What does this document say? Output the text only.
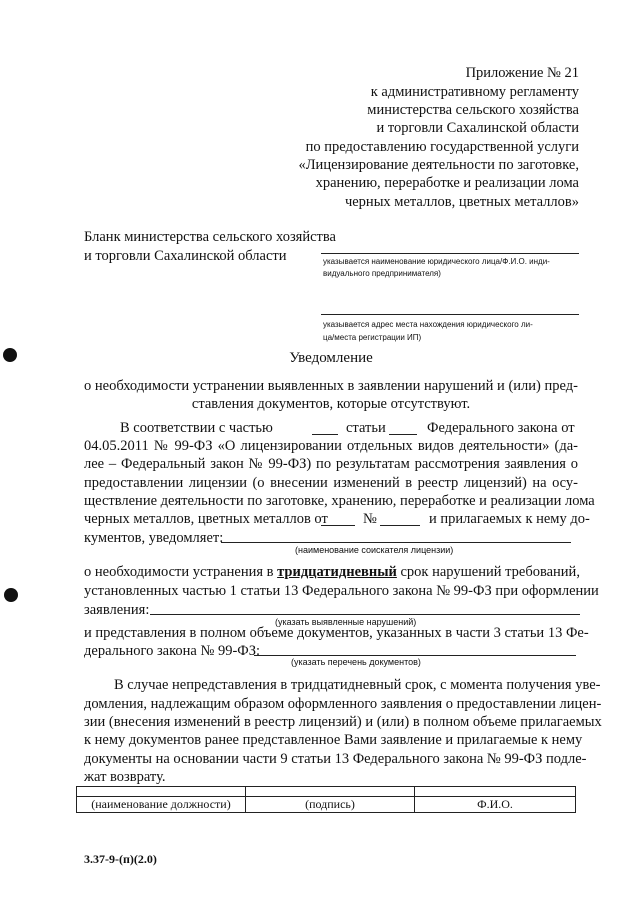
Приложение № 21
к административному регламенту
министерства сельского хозяйства
и торговли Сахалинской области
по предоставлению государственной услуги
«Лицензирование деятельности по заготовке,
хранению, переработке и реализации лома
черных металлов, цветных металлов»
Бланк министерства сельского хозяйства
и торговли Сахалинской области	указывается наименование юридического лица/Ф.И.О. инди-
видуального предпринимателя)
указывается адрес места нахождения юридического ли-
ца/места регистрации ИП)
Уведомление
о необходимости устранении выявленных в заявлении нарушений и (или) пред-
ставления документов, которые отсутствуют.
В соответствии с частью	статьи	Федерального закона от
04.05.2011 № 99-ФЗ «О лицензировании отдельных видов деятельности» (да-
лее – Федеральный закон № 99-ФЗ) по результатам рассмотрения заявления о
предоставлении лицензии (о внесении изменений в реестр лицензий) на осу-
ществление деятельности по заготовке, хранению, переработке и реализации лома
черных металлов, цветных металлов от №	и прилагаемых к нему до-
кументов, уведомляет:
(наименование соискателя лицензии)
о необходимости устранения в тридцатидневный срок нарушений требований,
установленных частью 1 статьи 13 Федерального закона № 99-ФЗ при оформлении
заявления:
(указать выявленные нарушений)
и представления в полном объеме документов, указанных в части 3 статьи 13 Фе-
дерального закона № 99-ФЗ:
(указать перечень документов)
В случае непредставления в тридцатидневный срок, с момента получения уве-
домления, надлежащим образом оформленного заявления о предоставлении лицен-
зии (внесения изменений в реестр лицензий) и (или) в полном объеме прилагаемых
к нему документов ранее представленное Вами заявление и прилагаемые к нему
документы на основании части 9 статьи 13 Федерального закона № 99-ФЗ подле-
жат возврату.

(наименование должности)	(подпись)	Ф.И.О.
3.37-9-(п)(2.0)
